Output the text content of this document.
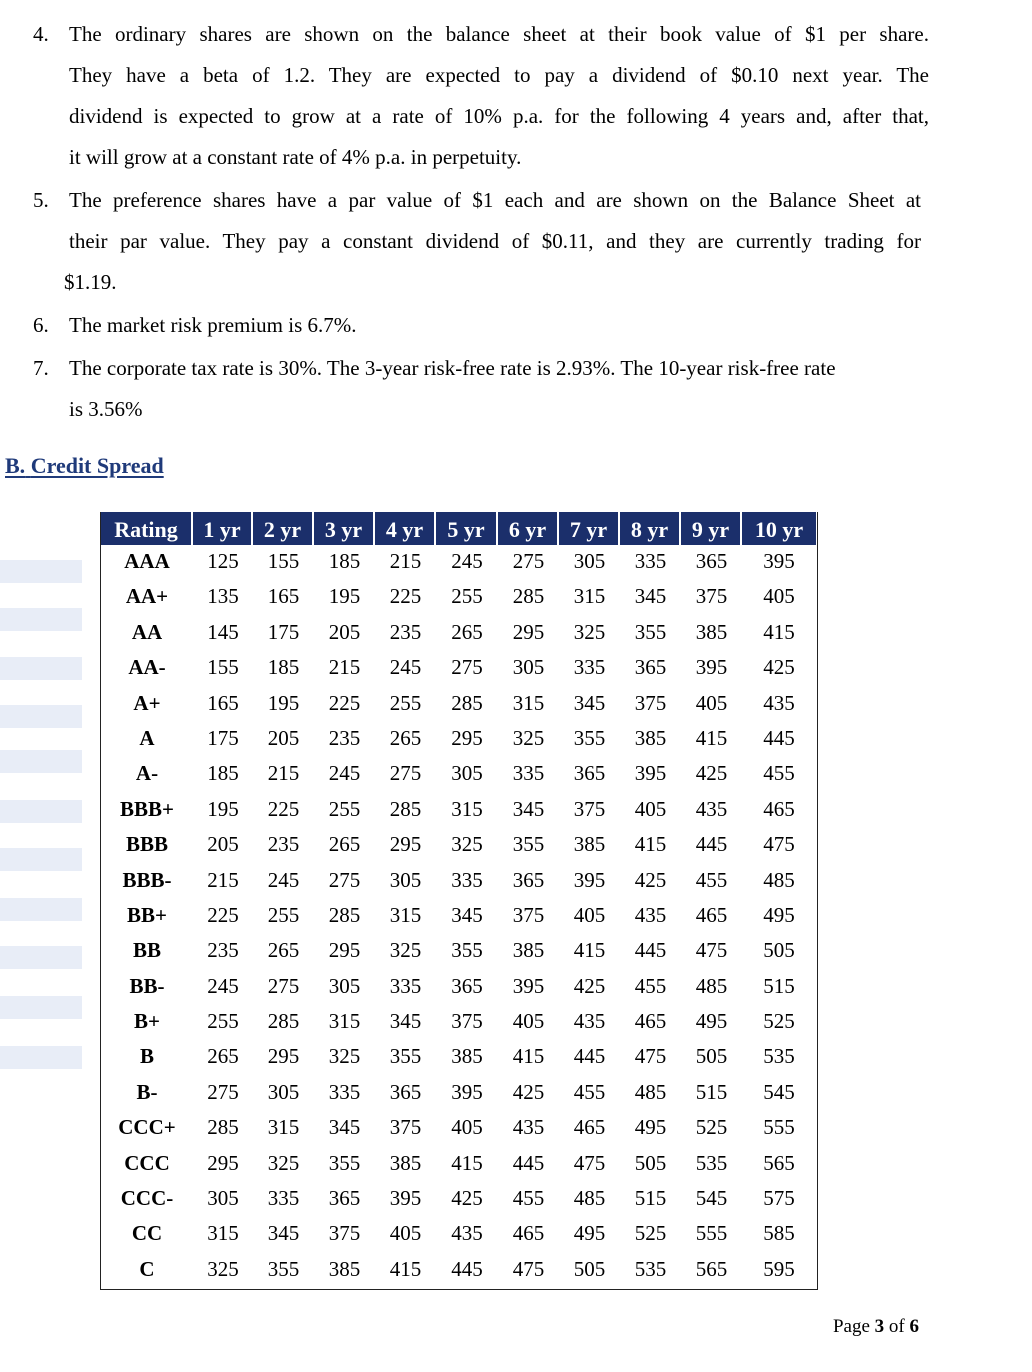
4. The ordinary shares are shown on the balance sheet at their book value of $1 per share.
They have a beta of 1.2. They are expected to pay a dividend of $0.10 next year. The
dividend is expected to grow at a rate of 10% p.a. for the following 4 years and, after that,
it will grow at a constant rate of 4% p.a. in perpetuity.
5. The preference shares have a par value of $1 each and are shown on the Balance Sheet at
their par value. They pay a constant dividend of $0.11, and they are currently trading for
$1.19.
6. The market risk premium is 6.7%.
7. The corporate tax rate is 30%. The 3-year risk-free rate is 2.93%. The 10-year risk-free rate
is 3.56%
B. Credit Spread
Rating	1 yr	2 yr	3 yr	4 yr	5 yr	6 yr	7 yr	8 yr	9 yr	10 yr
AAA	125	155	185	215	245	275	305	335	365	395
AA+	135	165	195	225	255	285	315	345	375	405
AA	145	175	205	235	265	295	325	355	385	415
AA-	155	185	215	245	275	305	335	365	395	425
A+	165	195	225	255	285	315	345	375	405	435
A	175	205	235	265	295	325	355	385	415	445
A-	185	215	245	275	305	335	365	395	425	455
BBB+	195	225	255	285	315	345	375	405	435	465
BBB	205	235	265	295	325	355	385	415	445	475
BBB-	215	245	275	305	335	365	395	425	455	485
BB+	225	255	285	315	345	375	405	435	465	495
BB	235	265	295	325	355	385	415	445	475	505
BB-	245	275	305	335	365	395	425	455	485	515
B+	255	285	315	345	375	405	435	465	495	525
B	265	295	325	355	385	415	445	475	505	535
B-	275	305	335	365	395	425	455	485	515	545
CCC+	285	315	345	375	405	435	465	495	525	555
CCC	295	325	355	385	415	445	475	505	535	565
CCC-	305	335	365	395	425	455	485	515	545	575
CC	315	345	375	405	435	465	495	525	555	585
C	325	355	385	415	445	475	505	535	565	595
Page 3 of 6
